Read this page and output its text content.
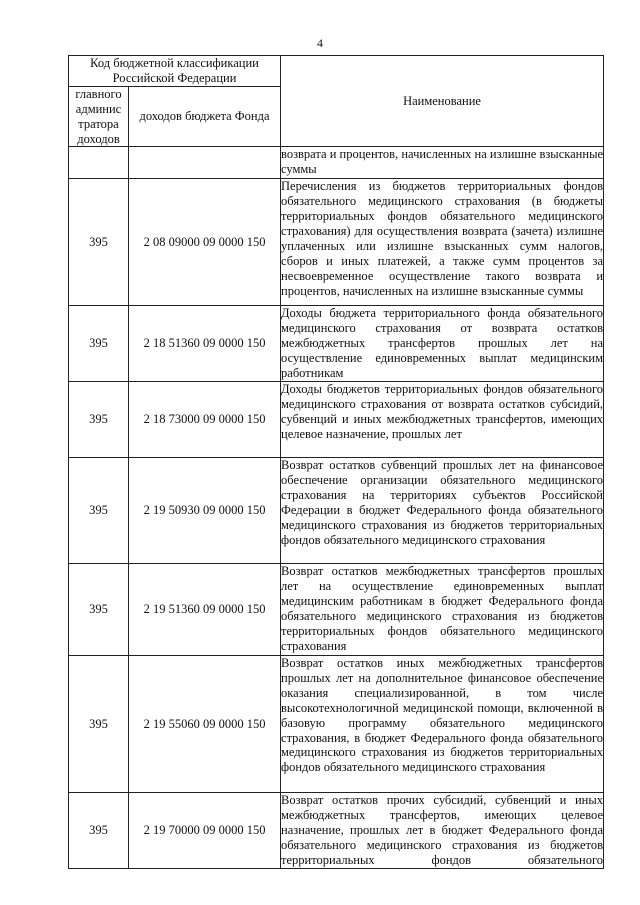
4
Код бюджетной классификации Российской Федерации		Наименование
главного админис тратора доходов	доходов бюджета Фонда	
		возврата и процентов, начисленных на излишне взысканные суммы
395	2 08 09000 09 0000 150	Перечисления из бюджетов территориальных фондов обязательного медицинского страхования (в бюджеты территориальных фондов обязательного медицинского страхования) для осуществления возврата (зачета) излишне уплаченных или излишне взысканных сумм налогов, сборов и иных платежей, а также сумм процентов за несвоевременное осуществление такого возврата и процентов, начисленных на излишне взысканные суммы
395	2 18 51360 09 0000 150	Доходы бюджета территориального фонда обязательного медицинского страхования от возврата остатков межбюджетных трансфертов прошлых лет на осуществление единовременных выплат медицинским работникам
395	2 18 73000 09 0000 150	Доходы бюджетов территориальных фондов обязательного медицинского страхования от возврата остатков субсидий, субвенций и иных межбюджетных трансфертов, имеющих целевое назначение, прошлых лет
395	2 19 50930 09 0000 150	Возврат остатков субвенций прошлых лет на финансовое обеспечение организации обязательного медицинского страхования на территориях субъектов Российской Федерации в бюджет Федерального фонда обязательного медицинского страхования из бюджетов территориальных фондов обязательного медицинского страхования
395	2 19 51360 09 0000 150	Возврат остатков межбюджетных трансфертов прошлых лет на осуществление единовременных выплат медицинским работникам в бюджет Федерального фонда обязательного медицинского страхования из бюджетов территориальных фондов обязательного медицинского страхования
395	2 19 55060 09 0000 150	Возврат остатков иных межбюджетных трансфертов прошлых лет на дополнительное финансовое обеспечение оказания специализированной, в том числе высокотехнологичной медицинской помощи, включенной в базовую программу обязательного медицинского страхования, в бюджет Федерального фонда обязательного медицинского страхования из бюджетов территориальных фондов обязательного медицинского страхования
395	2 19 70000 09 0000 150	Возврат остатков прочих субсидий, субвенций и иных межбюджетных трансфертов, имеющих целевое назначение, прошлых лет в бюджет Федерального фонда обязательного медицинского страхования из бюджетов территориальных фондов обязательного
